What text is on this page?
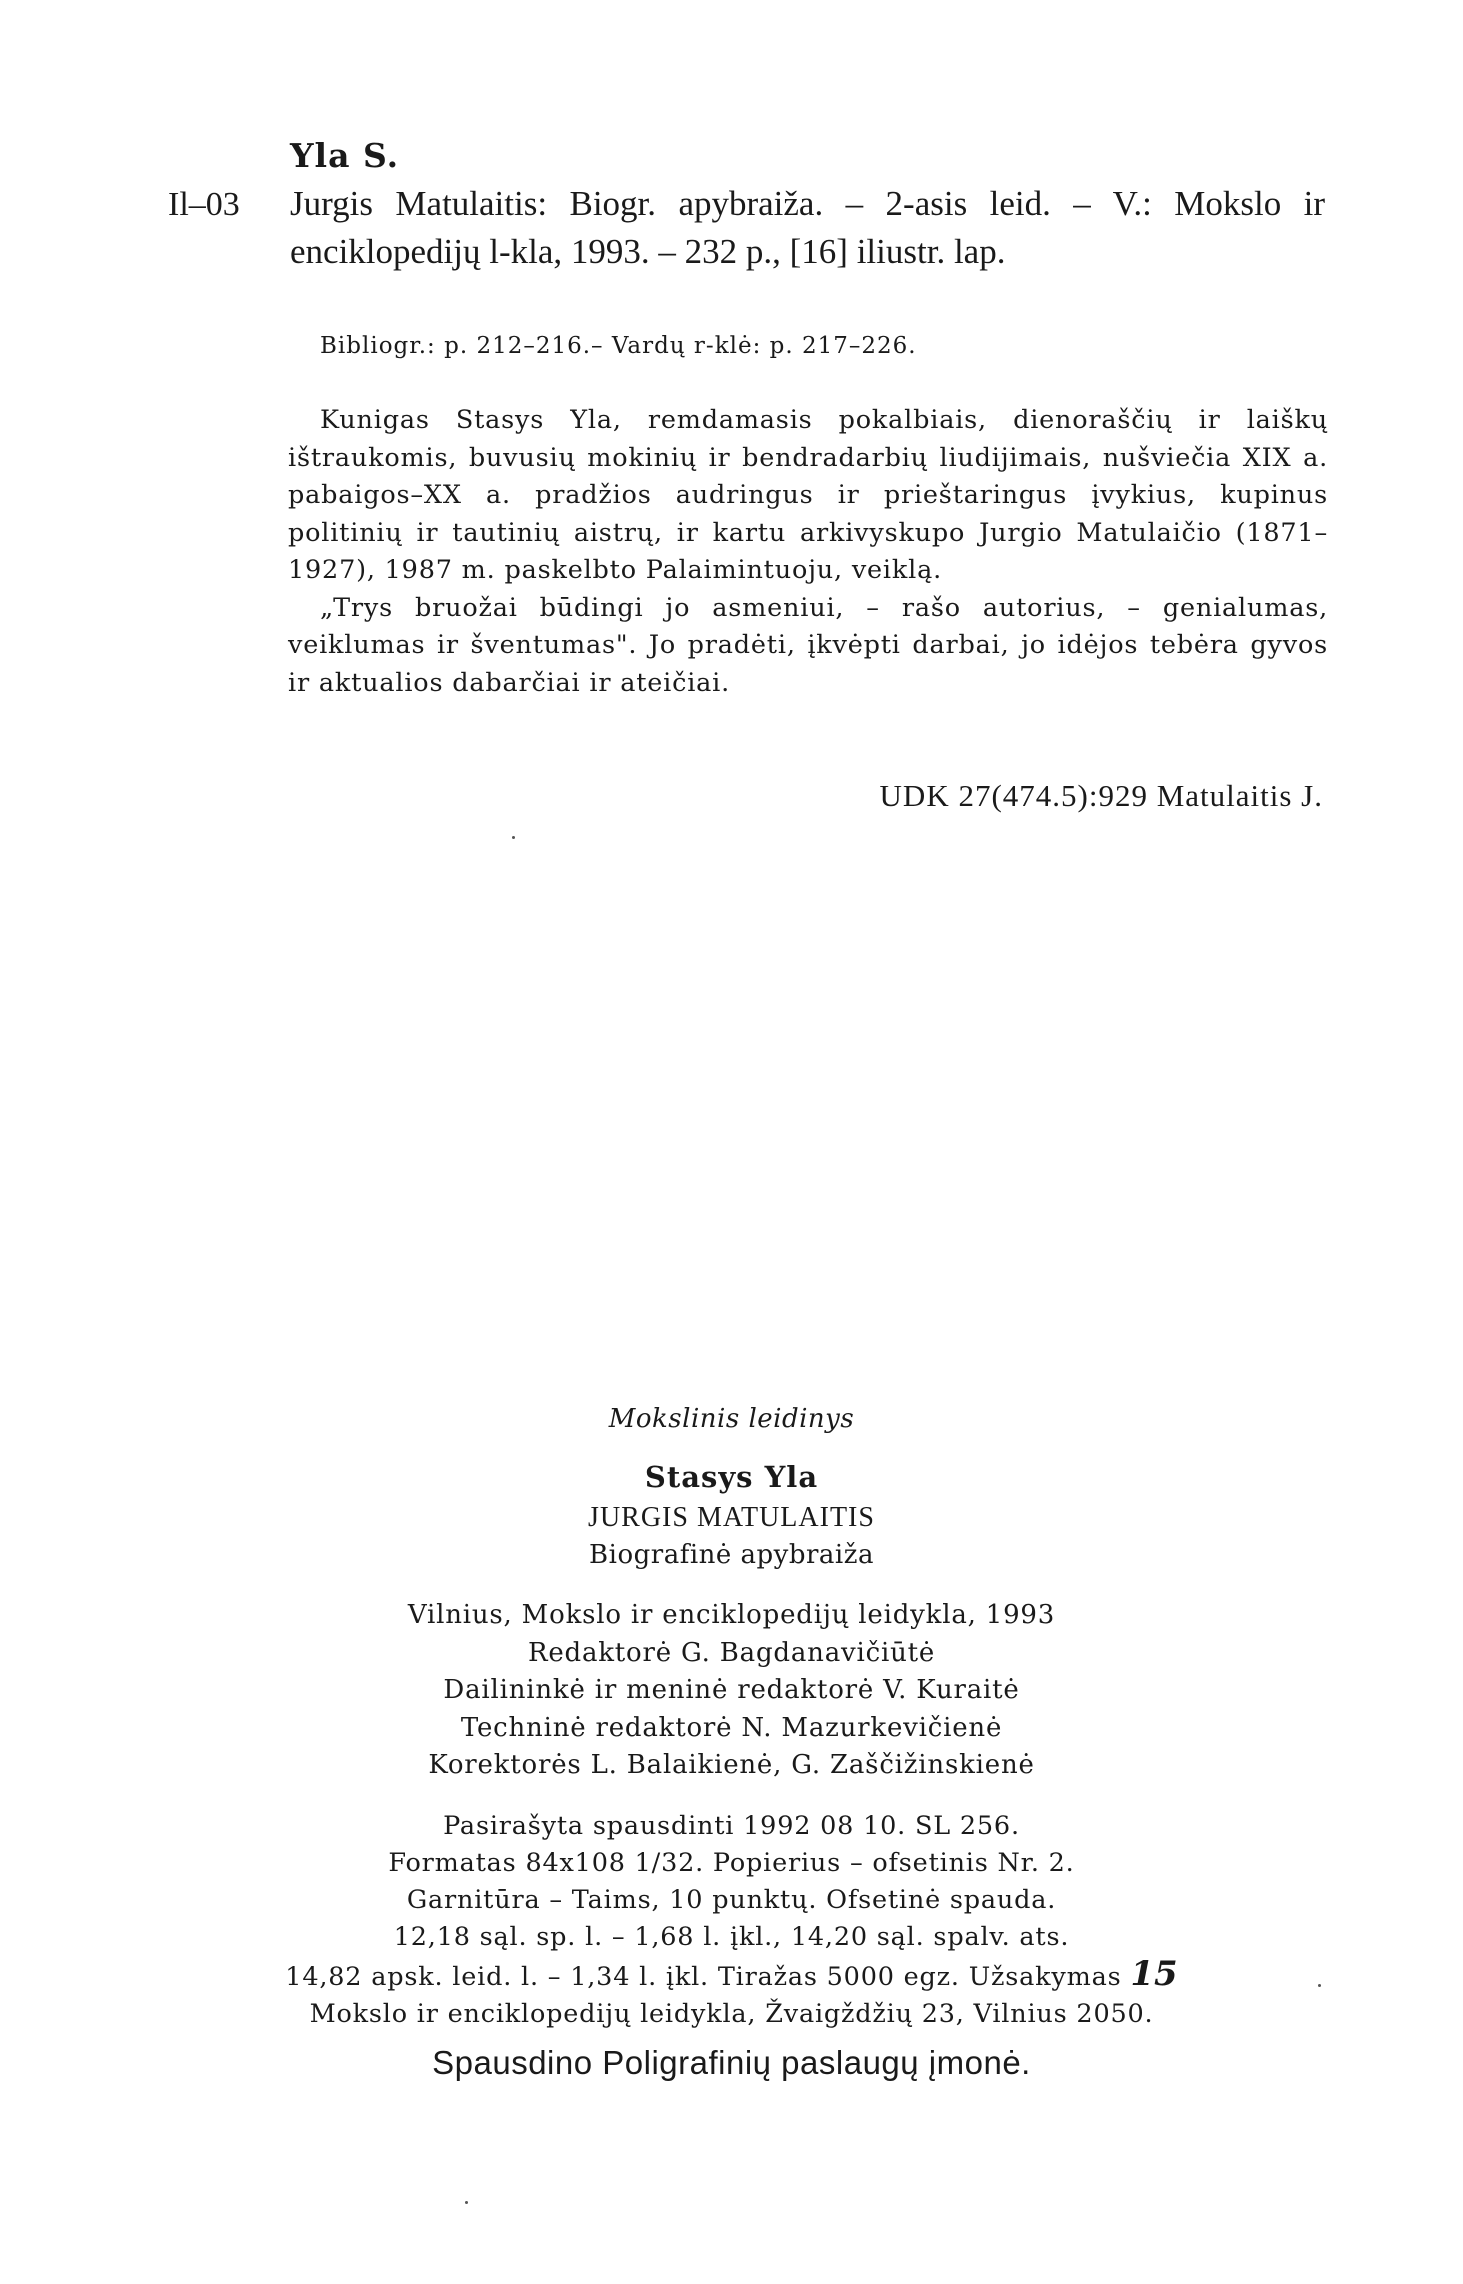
Yla S.
Il–03 Jurgis Matulaitis: Biogr. apybraiža. – 2-asis leid. – V.: Mokslo ir enciklopedijų l-kla, 1993. – 232 p., [16] iliustr. lap.

Bibliogr.: p. 212–216.– Vardų r-klė: p. 217–226.

Kunigas Stasys Yla, remdamasis pokalbiais, dienoraščių ir laiškų ištraukomis, buvusių mokinių ir bendradarbių liudijimais, nušviečia XIX a. pabaigos–XX a. pradžios audringus ir prieštaringus įvykius, kupinus politinių ir tautinių aistrų, ir kartu arkivyskupo Jurgio Matulaičio (1871–1927), 1987 m. paskelbto Palaimintuoju, veiklą.

„Trys bruožai būdingi jo asmeniui, – rašo autorius, – genialumas, veiklumas ir šventumas". Jo pradėti, įkvėpti darbai, jo idėjos tebėra gyvos ir aktualios dabarčiai ir ateičiai.

UDK 27(474.5):929 Matulaitis J.
Mokslinis leidinys
Stasys Yla
JURGIS MATULAITIS
Biografinė apybraiža
Vilnius, Mokslo ir enciklopedijų leidykla, 1993
Redaktorė G. Bagdanavičiūtė
Dailininkė ir meninė redaktorė V. Kuraitė
Techninė redaktorė N. Mazurkevičienė
Korektorės L. Balaikienė, G. Zaščižinskienė
Pasirašyta spausdinti 1992 08 10. SL 256.
Formatas 84x108 1/32. Popierius – ofsetinis Nr. 2.
Garnitūra – Taims, 10 punktų. Ofsetinė spauda.
12,18 sąl. sp. l. – 1,68 l. įkl., 14,20 sąl. spalv. ats.
14,82 apsk. leid. l. – 1,34 l. įkl. Tiražas 5000 egz. Užsakymas 15
Mokslo ir enciklopedijų leidykla, Žvaigždžių 23, Vilnius 2050.
Spausdino Poligrafinių paslaugų įmonė.
